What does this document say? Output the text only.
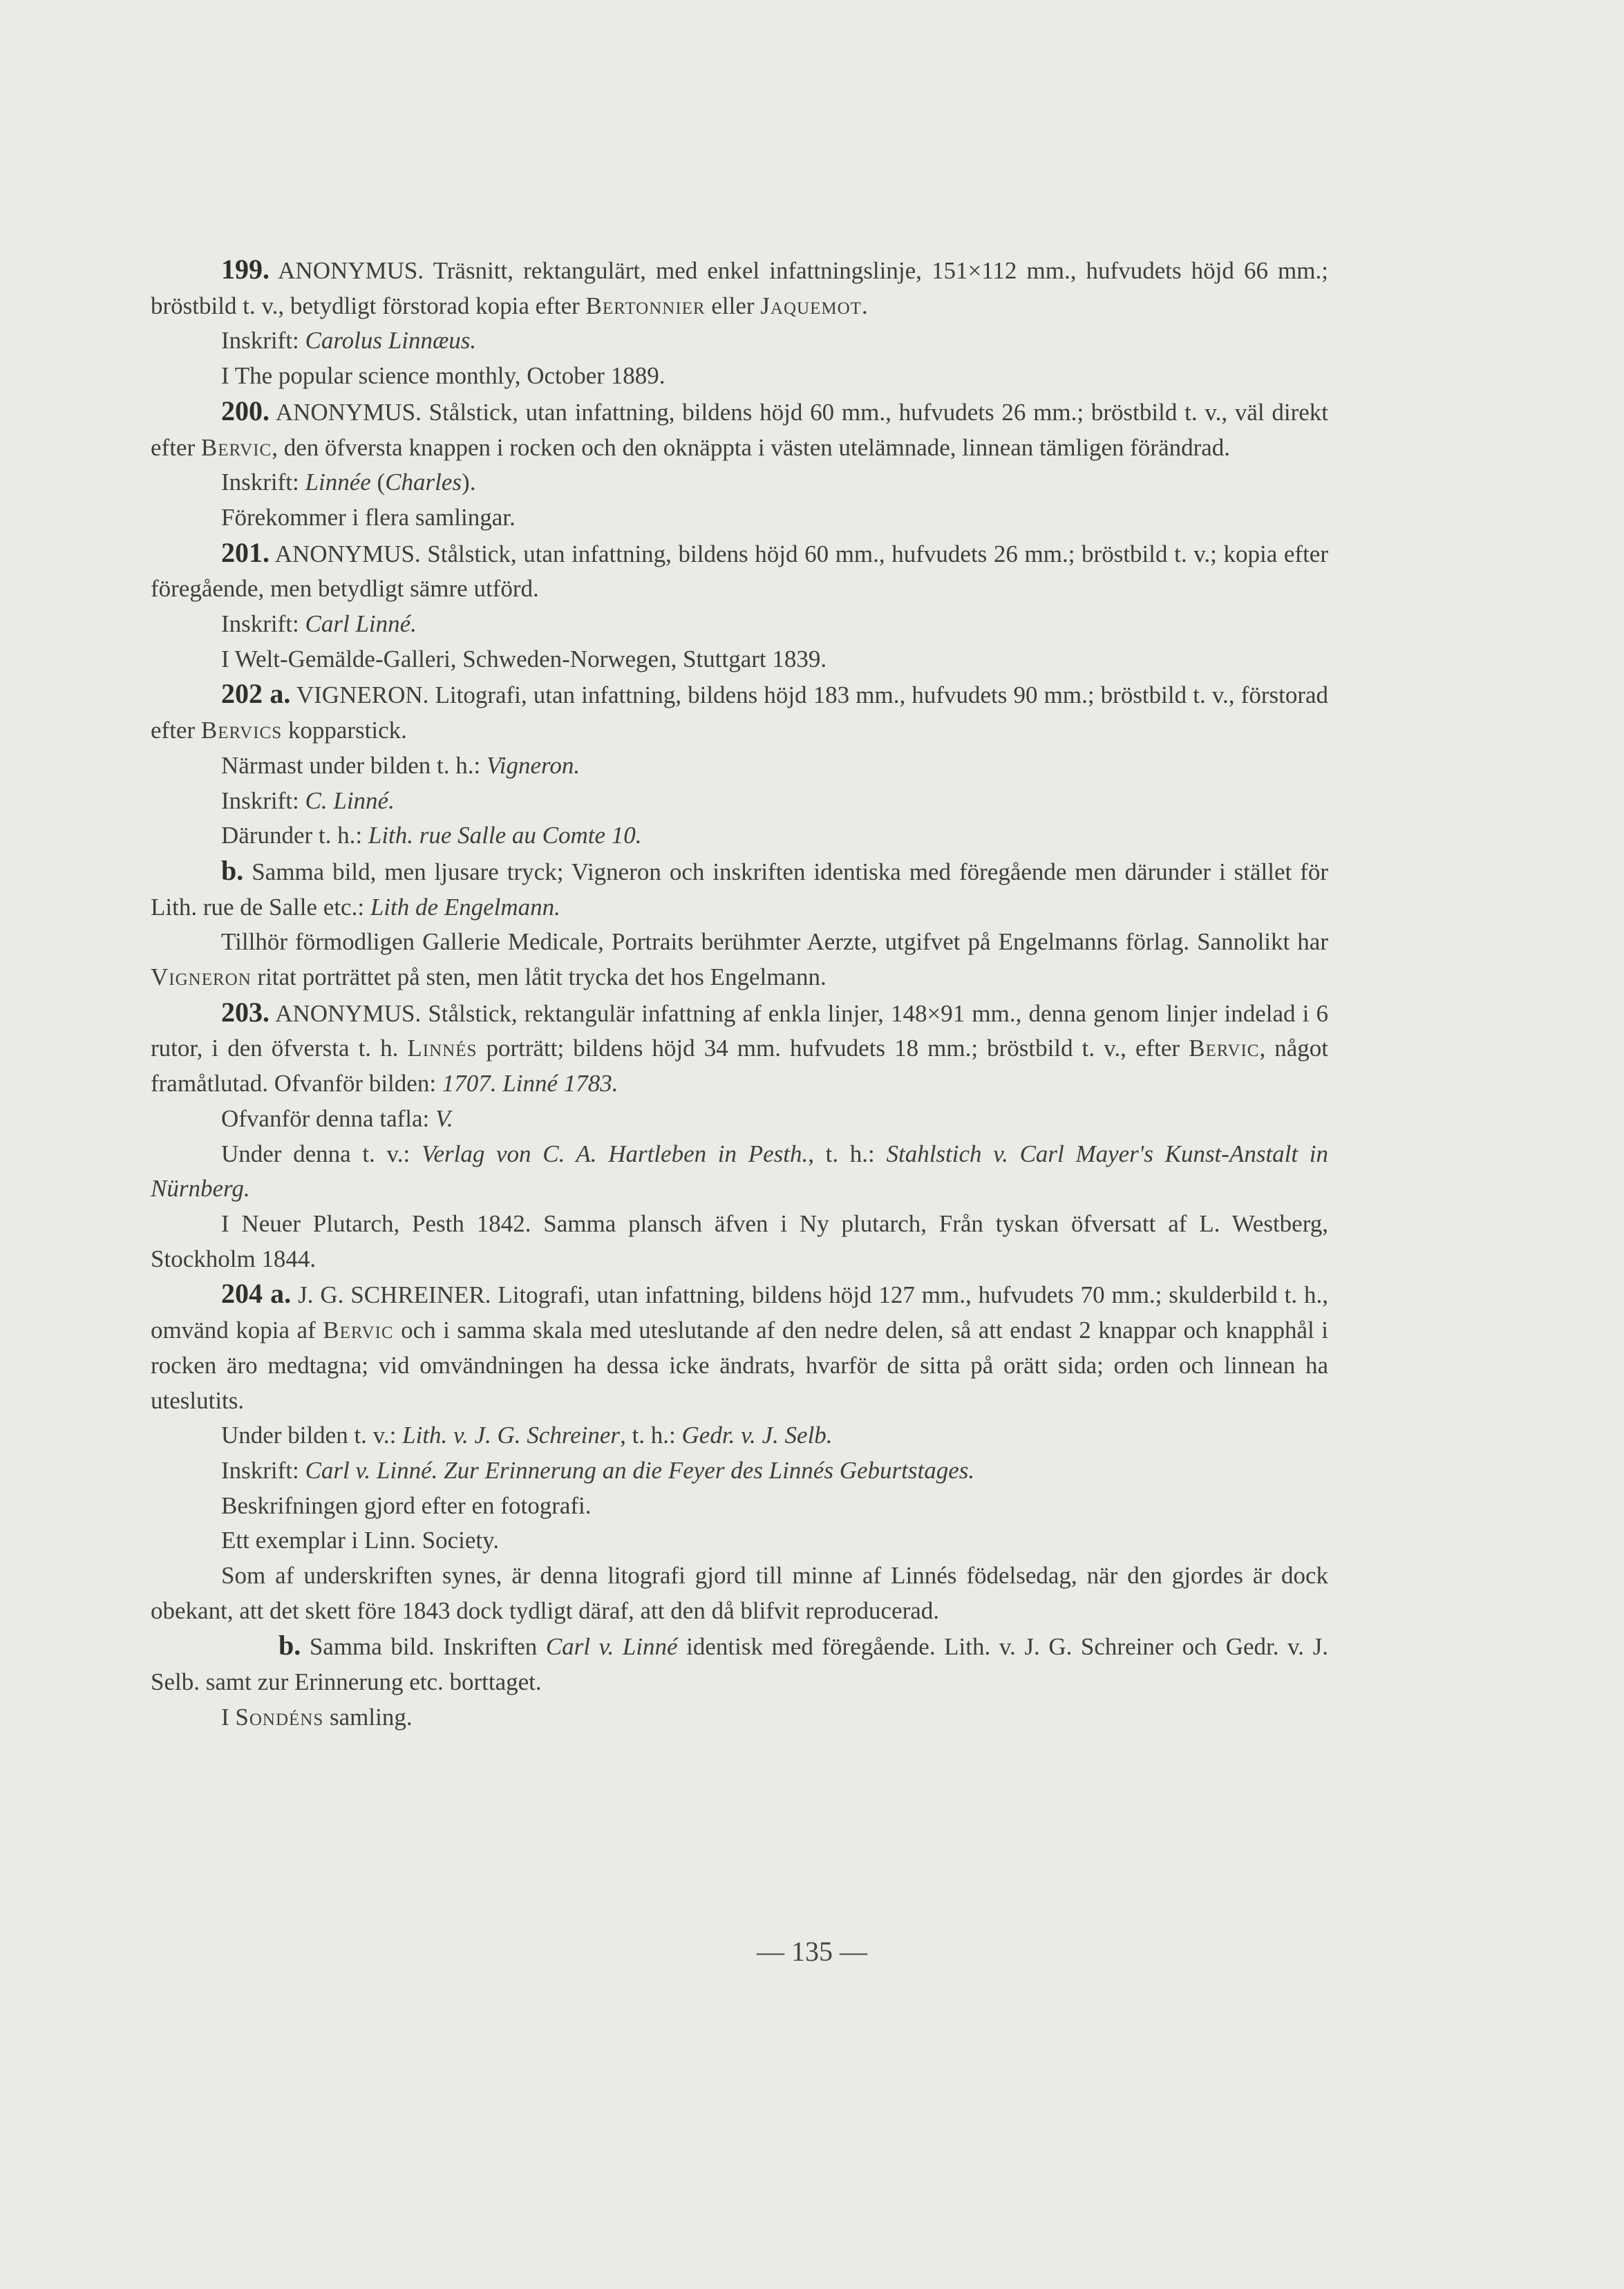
199. ANONYMUS. Träsnitt, rektangulärt, med enkel infattningslinje, 151×112 mm., hufvudets höjd 66 mm.; bröstbild t. v., betydligt förstorad kopia efter Bertonnier eller Jaquemot.

Inskrift: Carolus Linnæus.

I The popular science monthly, October 1889.

200. ANONYMUS. Stålstick, utan infattning, bildens höjd 60 mm., hufvudets 26 mm.; bröstbild t. v., väl direkt efter Bervic, den öfversta knappen i rocken och den oknäppta i västen utelämnade, linnean tämligen förändrad.

Inskrift: Linnée (Charles).

Förekommer i flera samlingar.

201. ANONYMUS. Stålstick, utan infattning, bildens höjd 60 mm., hufvudets 26 mm.; bröstbild t. v.; kopia efter föregående, men betydligt sämre utförd.

Inskrift: Carl Linné.

I Welt-Gemälde-Galleri, Schweden-Norwegen, Stuttgart 1839.

202 a. VIGNERON. Litografi, utan infattning, bildens höjd 183 mm., hufvudets 90 mm.; bröstbild t. v., förstorad efter Bervics kopparstick.

Närmast under bilden t. h.: Vigneron.

Inskrift: C. Linné.

Därunder t. h.: Lith. rue Salle au Comte 10.

b. Samma bild, men ljusare tryck; Vigneron och inskriften identiska med föregående men därunder i stället för Lith. rue de Salle etc.: Lith de Engelmann.

Tillhör förmodligen Gallerie Medicale, Portraits berühmter Aerzte, utgifvet på Engelmanns förlag. Sannolikt har Vigneron ritat porträttet på sten, men låtit trycka det hos Engelmann.

203. ANONYMUS. Stålstick, rektangulär infattning af enkla linjer, 148×91 mm., denna genom linjer indelad i 6 rutor, i den öfversta t. h. Linnés porträtt; bildens höjd 34 mm. hufvudets 18 mm.; bröstbild t. v., efter Bervic, något framåtlutad. Ofvanför bilden: 1707. Linné 1783.

Ofvanför denna tafla: V.

Under denna t. v.: Verlag von C. A. Hartleben in Pesth., t. h.: Stahlstich v. Carl Mayer's Kunst-Anstalt in Nürnberg.

I Neuer Plutarch, Pesth 1842. Samma plansch äfven i Ny plutarch, Från tyskan öfversatt af L. Westberg, Stockholm 1844.

204 a. J. G. SCHREINER. Litografi, utan infattning, bildens höjd 127 mm., hufvudets 70 mm.; skulderbild t. h., omvänd kopia af Bervic och i samma skala med uteslutande af den nedre delen, så att endast 2 knappar och knapphål i rocken äro medtagna; vid omvändningen ha dessa icke ändrats, hvarför de sitta på orätt sida; orden och linnean ha uteslutits.

Under bilden t. v.: Lith. v. J. G. Schreiner, t. h.: Gedr. v. J. Selb.

Inskrift: Carl v. Linné. Zur Erinnerung an die Feyer des Linnés Geburtstages.

Beskrifningen gjord efter en fotografi.

Ett exemplar i Linn. Society.

Som af underskriften synes, är denna litografi gjord till minne af Linnés födelsedag, när den gjordes är dock obekant, att det skett före 1843 dock tydligt däraf, att den då blifvit reproducerad.

b. Samma bild. Inskriften Carl v. Linné identisk med föregående. Lith. v. J. G. Schreiner och Gedr. v. J. Selb. samt zur Erinnerung etc. borttaget.

I Sondéns samling.

— 135 —
